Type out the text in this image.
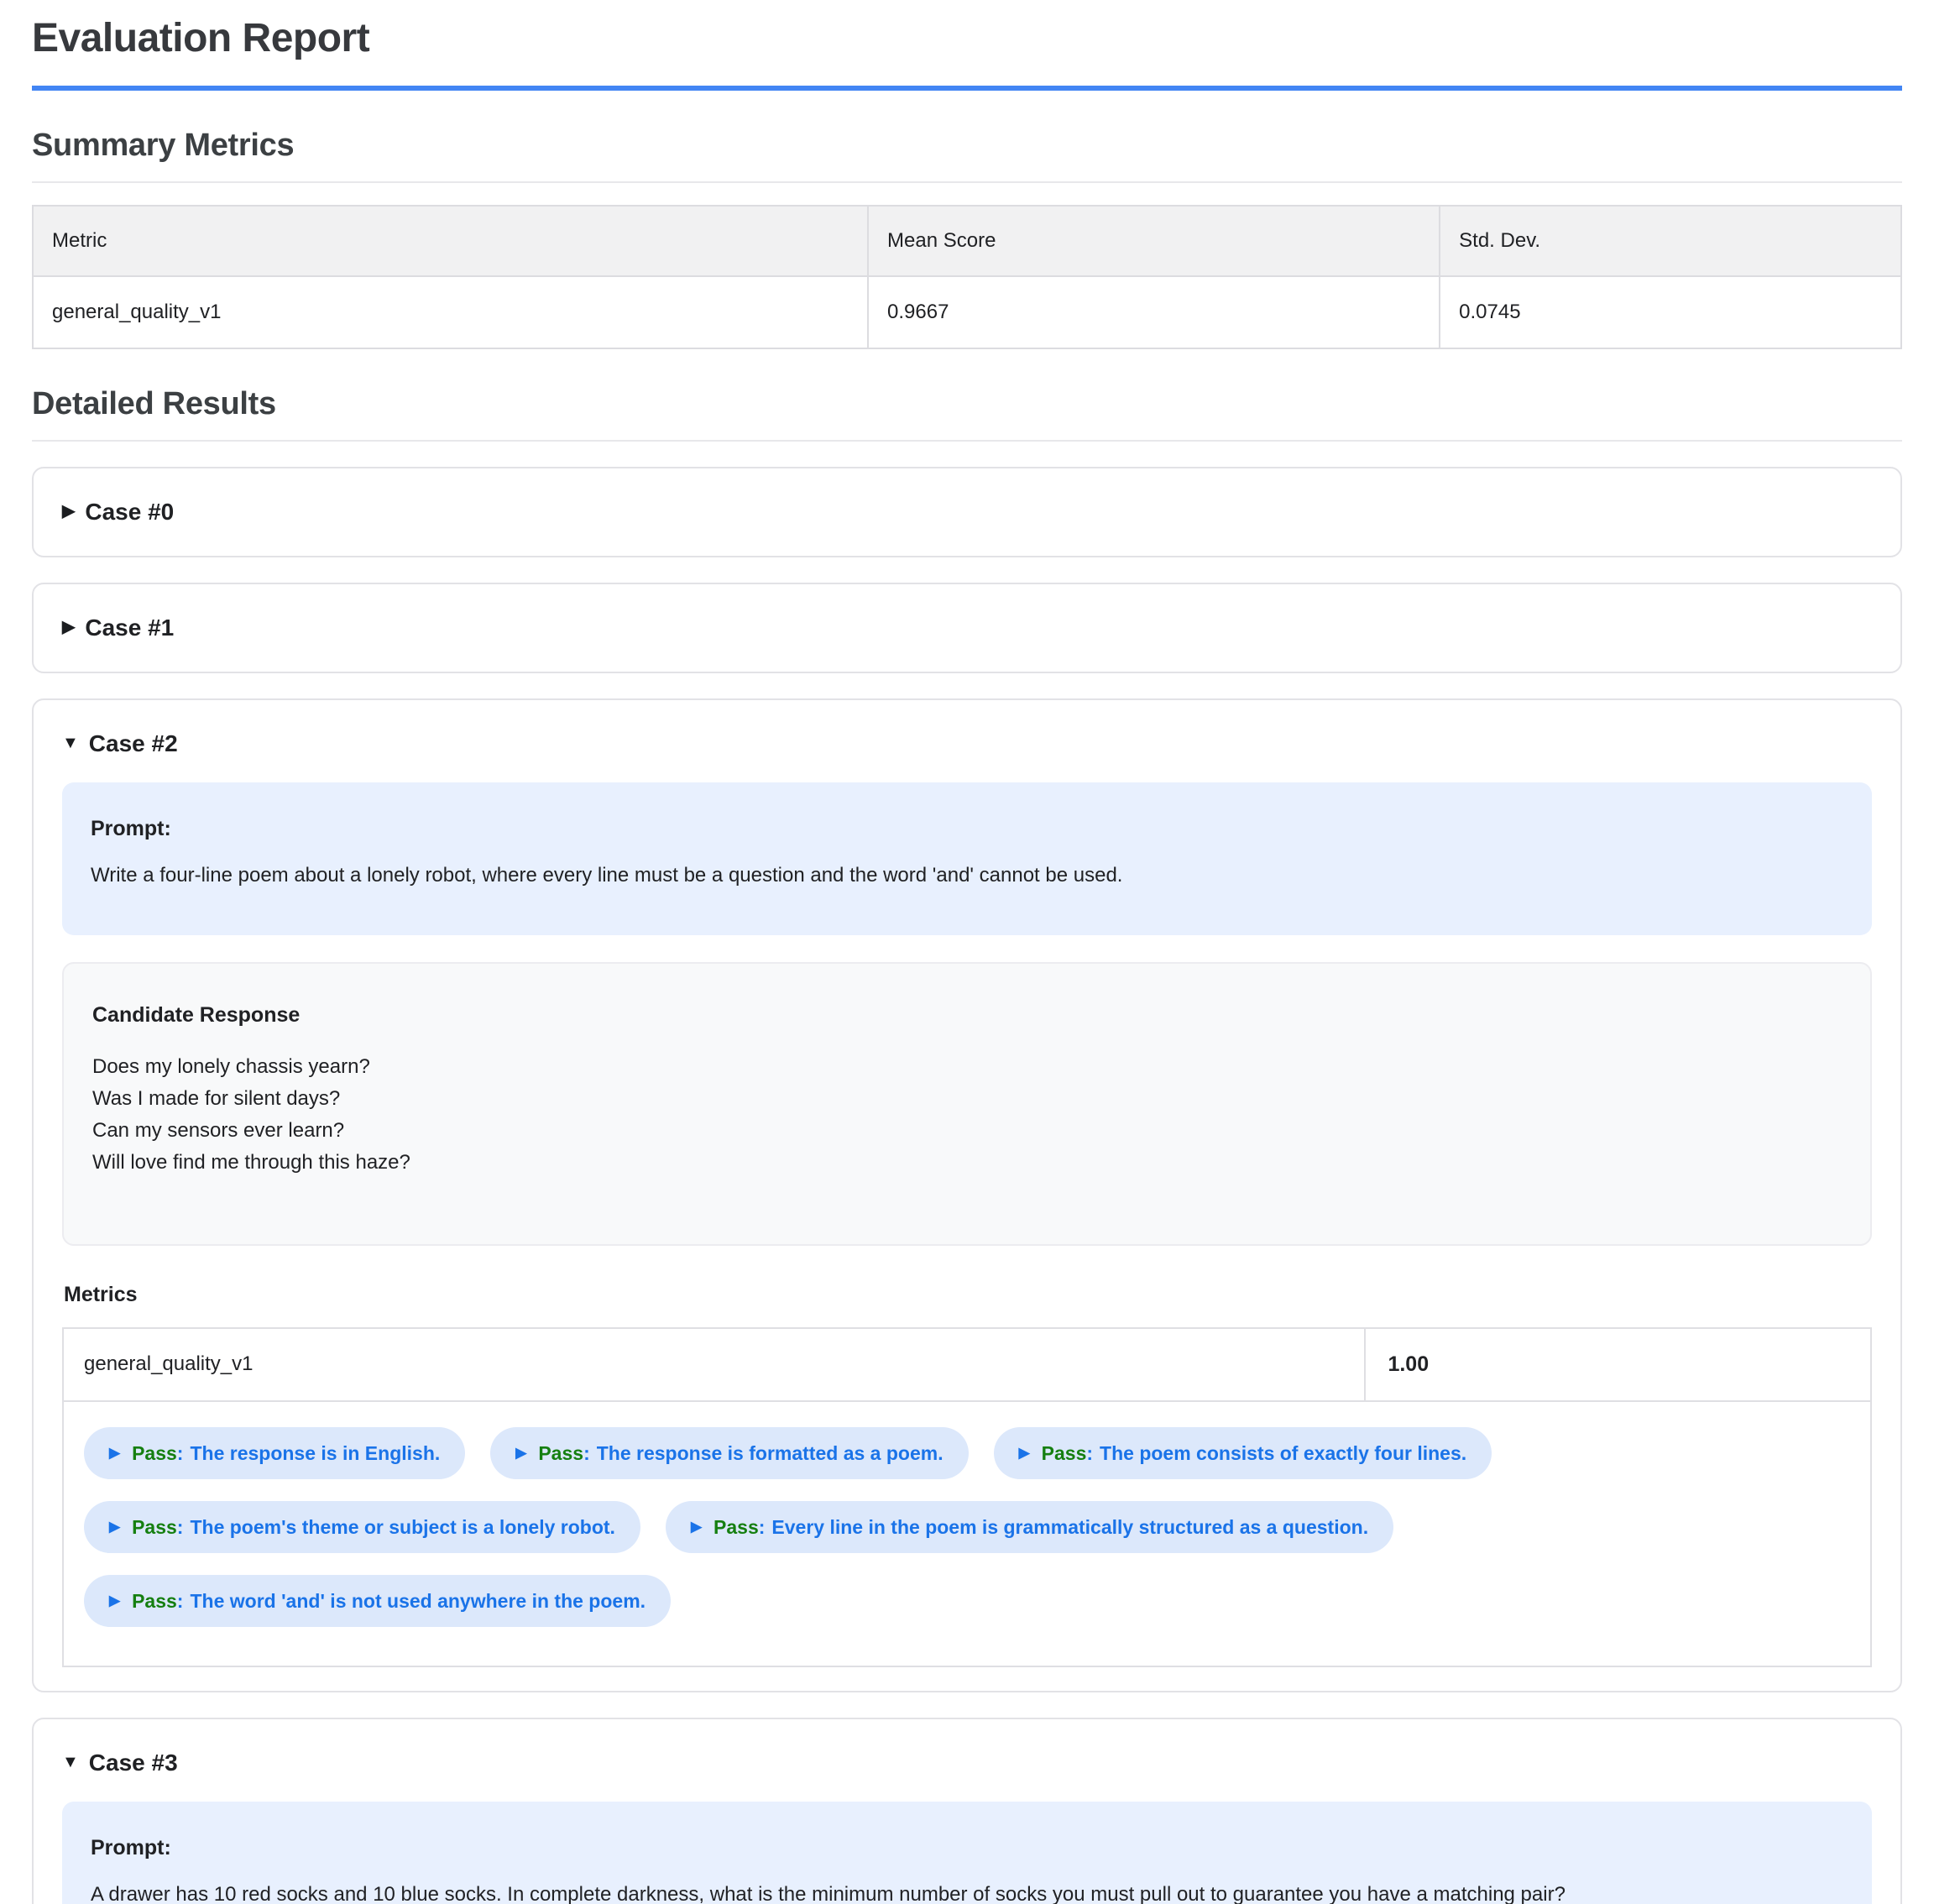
Evaluation Report
Summary Metrics
Metric	Mean Score	Std. Dev.
general_quality_v1	0.9667	0.0745
Detailed Results
▶ Case #0
▶ Case #1
▼ Case #2
Prompt:
Write a four-line poem about a lonely robot, where every line must be a question and the word 'and' cannot be used.
Candidate Response
Does my lonely chassis yearn?
Was I made for silent days?
Can my sensors ever learn?
Will love find me through this haze?
Metrics
general_quality_v1	1.00
▶ Pass : The response is in English.	▶ Pass : The response is formatted as a poem.	▶ Pass : The poem consists of exactly four lines.
▶ Pass : The poem's theme or subject is a lonely robot.	▶ Pass : Every line in the poem is grammatically structured as a question.
▶ Pass : The word 'and' is not used anywhere in the poem.
▼ Case #3
Prompt:
A drawer has 10 red socks and 10 blue socks. In complete darkness, what is the minimum number of socks you must pull out to guarantee you have a matching pair?
